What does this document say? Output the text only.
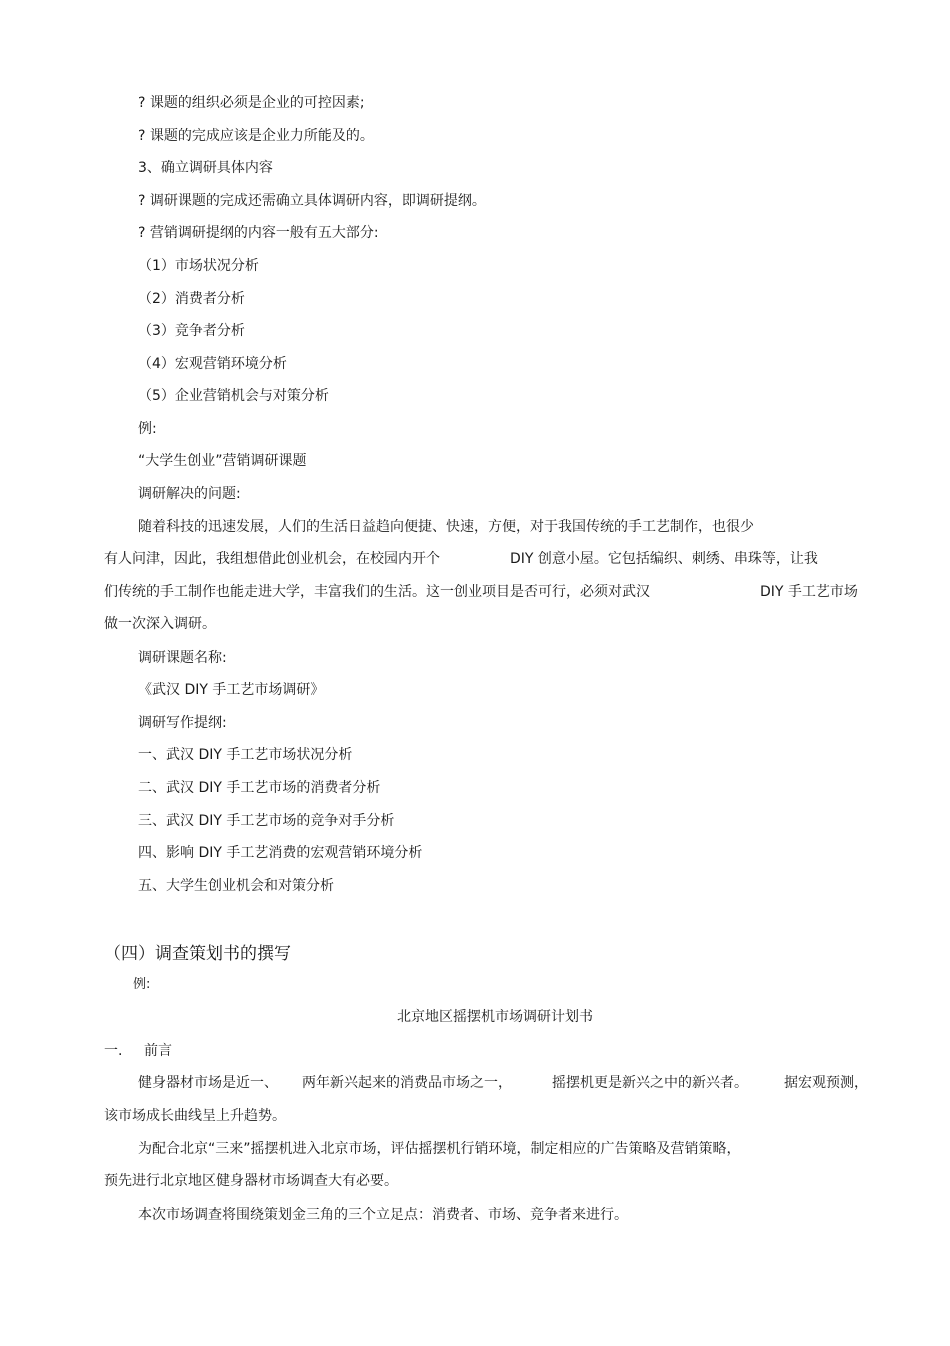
? 课题的组织必须是企业的可控因素;
? 课题的完成应该是企业力所能及的。
3、确立调研具体内容
? 调研课题的完成还需确立具体调研内容，即调研提纲。
? 营销调研提纲的内容一般有五大部分:
（1）市场状况分析
（2）消费者分析
（3）竞争者分析
（4）宏观营销环境分析
（5）企业营销机会与对策分析
例:
“大学生创业”营销调研课题
调研解决的问题:
随着科技的迅速发展，人们的生活日益趋向便捷、快速，方便，对于我国传统的手工艺制作，也很少
有人问津，因此，我组想借此创业机会，在校园内开个	DIY 创意小屋。它包括编织、刺绣、串珠等，让我
们传统的手工制作也能走进大学，丰富我们的生活。这一创业项目是否可行，必须对武汉	DIY 手工艺市场
做一次深入调研。
调研课题名称:
《武汉 DIY 手工艺市场调研》
调研写作提纲:
一、武汉 DIY 手工艺市场状况分析
二、武汉 DIY 手工艺市场的消费者分析
三、武汉 DIY 手工艺市场的竞争对手分析
四、影响 DIY 手工艺消费的宏观营销环境分析
五、大学生创业机会和对策分析
（四）调查策划书的撰写
例:
北京地区摇摆机市场调研计划书
一. 前言
健身器材市场是近一、 两年新兴起来的消费品市场之一，	摇摆机更是新兴之中的新兴者。	据宏观预测，
该市场成长曲线呈上升趋势。
为配合北京“三来”摇摆机进入北京市场，评估摇摆机行销环境，制定相应的广告策略及营销策略，
预先进行北京地区健身器材市场调查大有必要。
本次市场调查将围绕策划金三角的三个立足点：消费者、市场、竞争者来进行。
